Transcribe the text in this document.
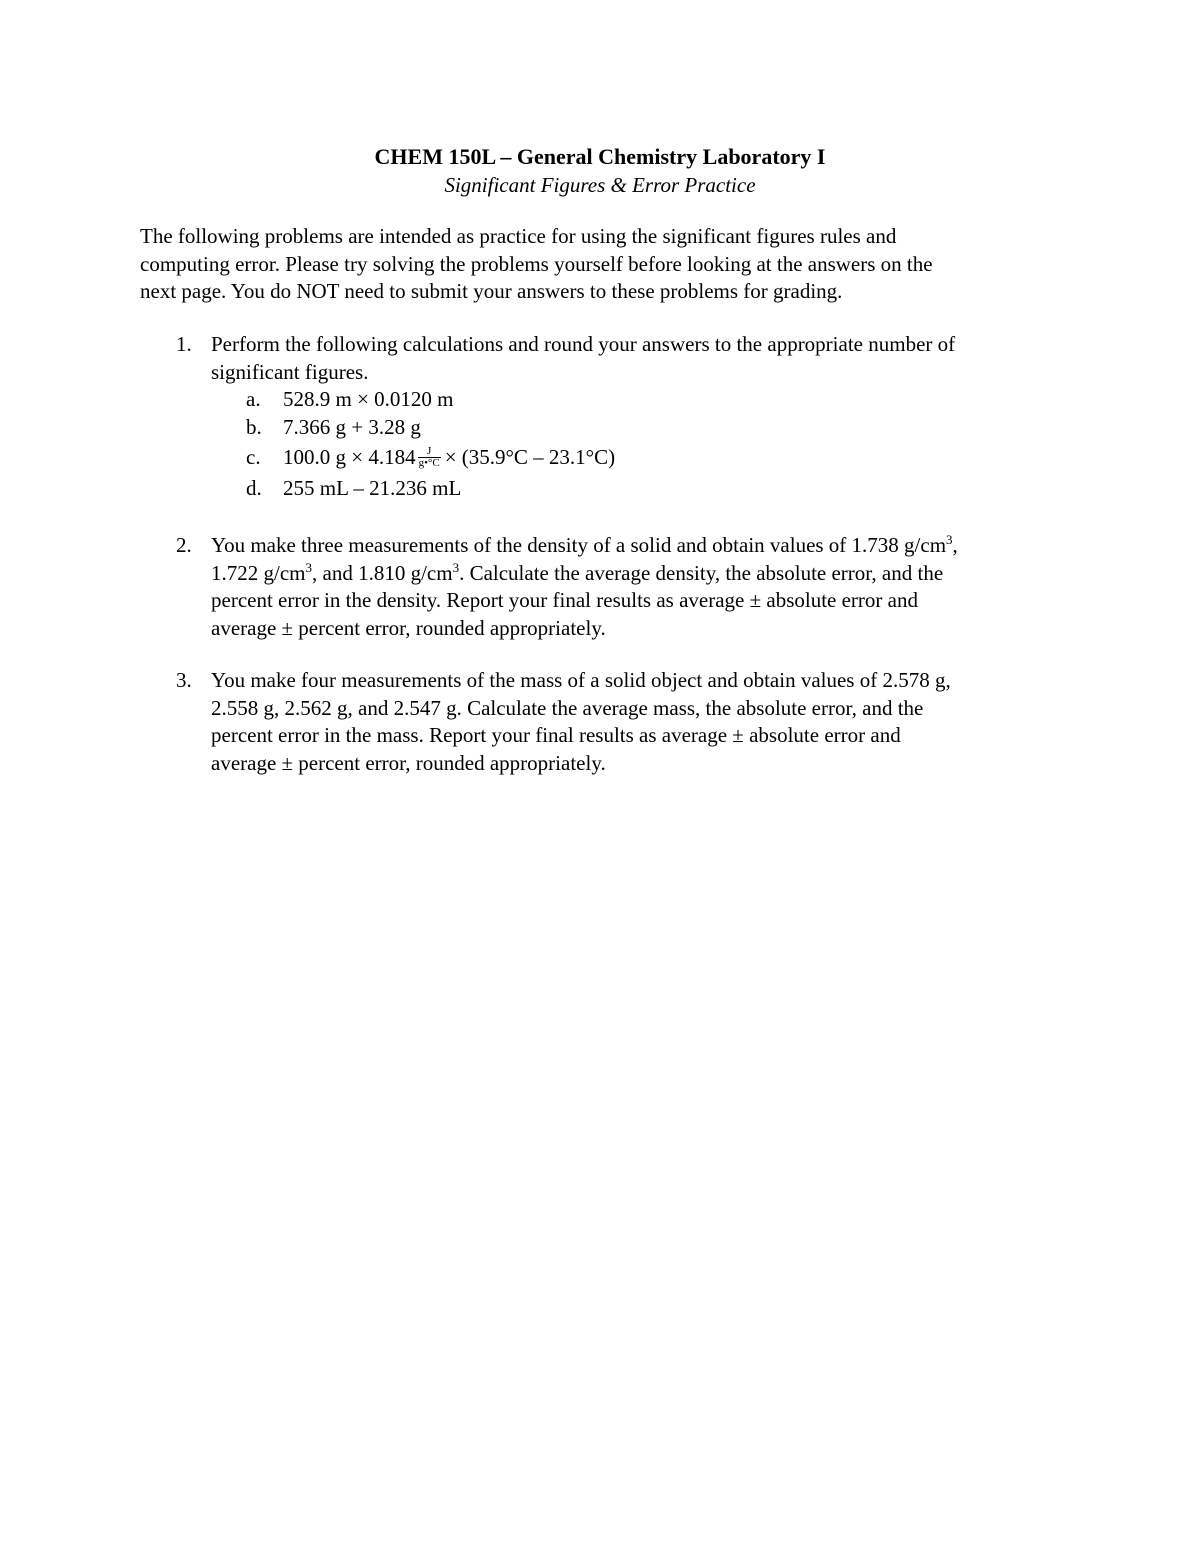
CHEM 150L – General Chemistry Laboratory I

Significant Figures & Error Practice

The following problems are intended as practice for using the significant figures rules and
computing error. Please try solving the problems yourself before looking at the answers on the
next page. You do NOT need to submit your answers to these problems for grading.

1. Perform the following calculations and round your answers to the appropriate number of
significant figures.
a. 528.9 m × 0.0120 m
b. 7.366 g + 3.28 g
c. 100.0 $g \times 4.184 \frac{J}{g•^\circ C} \times (35.9^\circ C - 23.1^\circ C)$
d. 255 mL – 21.236 mL
2. You make three measurements of the density of a solid and obtain values of 1.738 $g/cm^3$,
1.722 $g/cm^3$, and 1.810 $g/cm^3$. Calculate the average density, the absolute error, and the
percent error in the density. Report your final results as average ± absolute error and
average ± percent error, rounded appropriately.
3. You make four measurements of the mass of a solid object and obtain values of 2.578 g,
2.558 g, 2.562 g, and 2.547 g. Calculate the average mass, the absolute error, and the
percent error in the mass. Report your final results as average ± absolute error and
average ± percent error, rounded appropriately.
